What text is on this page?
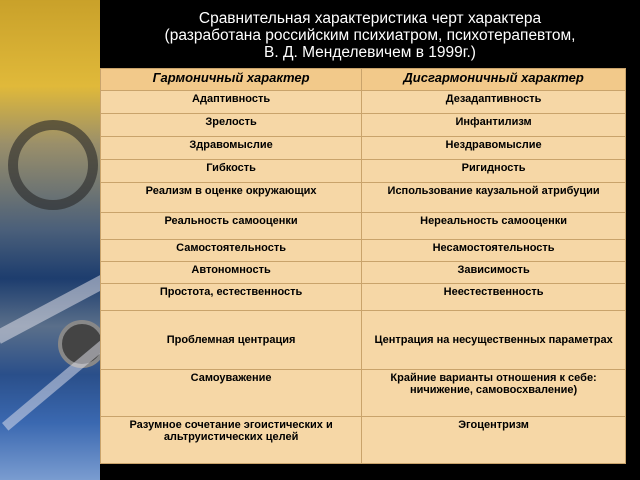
Сравнительная характеристика черт характера
(разработана российским психиатром, психотерапевтом,
В. Д. Менделевичем в 1999г.)
Гармоничный характер	Дисгармоничный характер
Адаптивность	Дезадаптивность
Зрелость	Инфантилизм
Здравомыслие	Нездравомыслие
Гибкость	Ригидность
Реализм в оценке окружающих	Использование каузальной атрибуции
Реальность самооценки	Нереальность самооценки
Самостоятельность	Несамостоятельность
Автономность	Зависимость
Простота, естественность	Неестественность
Проблемная центрация	Центрация на несущественных параметрах
Самоуважение	Крайние варианты отношения к себе: ничижение, самовосхваление)
Разумное сочетание эгоистических и альтруистических целей	Эгоцентризм
